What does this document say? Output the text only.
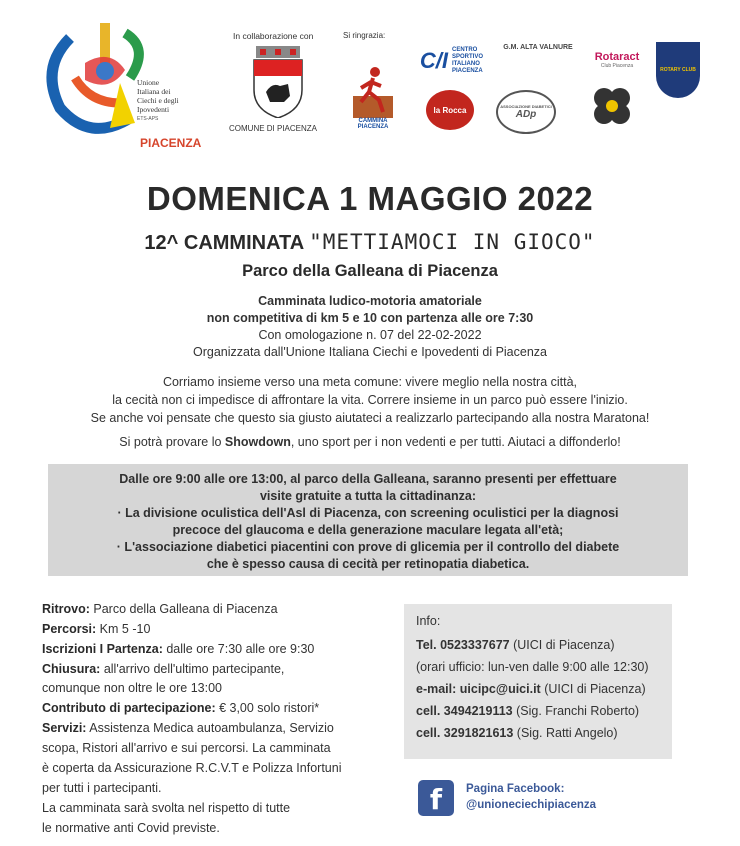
Unione
Italiana dei
Ciechi e degli
Ipovedenti
ETS-APS
PIACENZA
In collaborazione con
COMUNE DI PIACENZA
Si ringrazia:
C/I CENTRO SPORTIVO ITALIANO PIACENZA
G.M. ALTA VALNURE
Rotaract
Club Piacenza
ROTARY CLUB
CAMMINA PIACENZA
la Rocca	ASSOCIAZIONE DIABETICI
ADp
DOMENICA 1 MAGGIO 2022
12^ CAMMINATA "METTIAMOCI IN GIOCO"
Parco della Galleana di Piacenza
Camminata ludico-motoria amatoriale
non competitiva di km 5 e 10 con partenza alle ore 7:30
Con omologazione n. 07 del 22-02-2022
Organizzata dall'Unione Italiana Ciechi e Ipovedenti di Piacenza
Corriamo insieme verso una meta comune: vivere meglio nella nostra città,
la cecità non ci impedisce di affrontare la vita. Correre insieme in un parco può essere l'inizio.
Se anche voi pensate che questo sia giusto aiutateci a realizzarlo partecipando alla nostra Maratona!
Si potrà provare lo Showdown, uno sport per i non vedenti e per tutti. Aiutaci a diffonderlo!
Dalle ore 9:00 alle ore 13:00, al parco della Galleana, saranno presenti per effettuare
visite gratuite a tutta la cittadinanza:
· La divisione oculistica dell'Asl di Piacenza, con screening oculistici per la diagnosi
precoce del glaucoma e della generazione maculare legata all'età;
· L'associazione diabetici piacentini con prove di glicemia per il controllo del diabete
che è spesso causa di cecità per retinopatia diabetica.
Ritrovo: Parco della Galleana di Piacenza
Percorsi: Km 5 -10
Iscrizioni I Partenza: dalle ore 7:30 alle ore 9:30
Chiusura: all'arrivo dell'ultimo partecipante,
comunque non oltre le ore 13:00
Contributo di partecipazione: € 3,00 solo ristori*
Servizi: Assistenza Medica autoambulanza, Servizio
scopa, Ristori all'arrivo e sui percorsi. La camminata
è coperta da Assicurazione R.C.V.T e Polizza Infortuni
per tutti i partecipanti.
La camminata sarà svolta nel rispetto di tutte
le normative anti Covid previste.
Info:
Tel. 0523337677 (UICI di Piacenza)
(orari ufficio: lun-ven dalle 9:00 alle 12:30)
e-mail: uicipc@uici.it (UICI di Piacenza)
cell. 3494219113 (Sig. Franchi Roberto)
cell. 3291821613 (Sig. Ratti Angelo)
f	Pagina Facebook:
@unioneciechipiacenza
